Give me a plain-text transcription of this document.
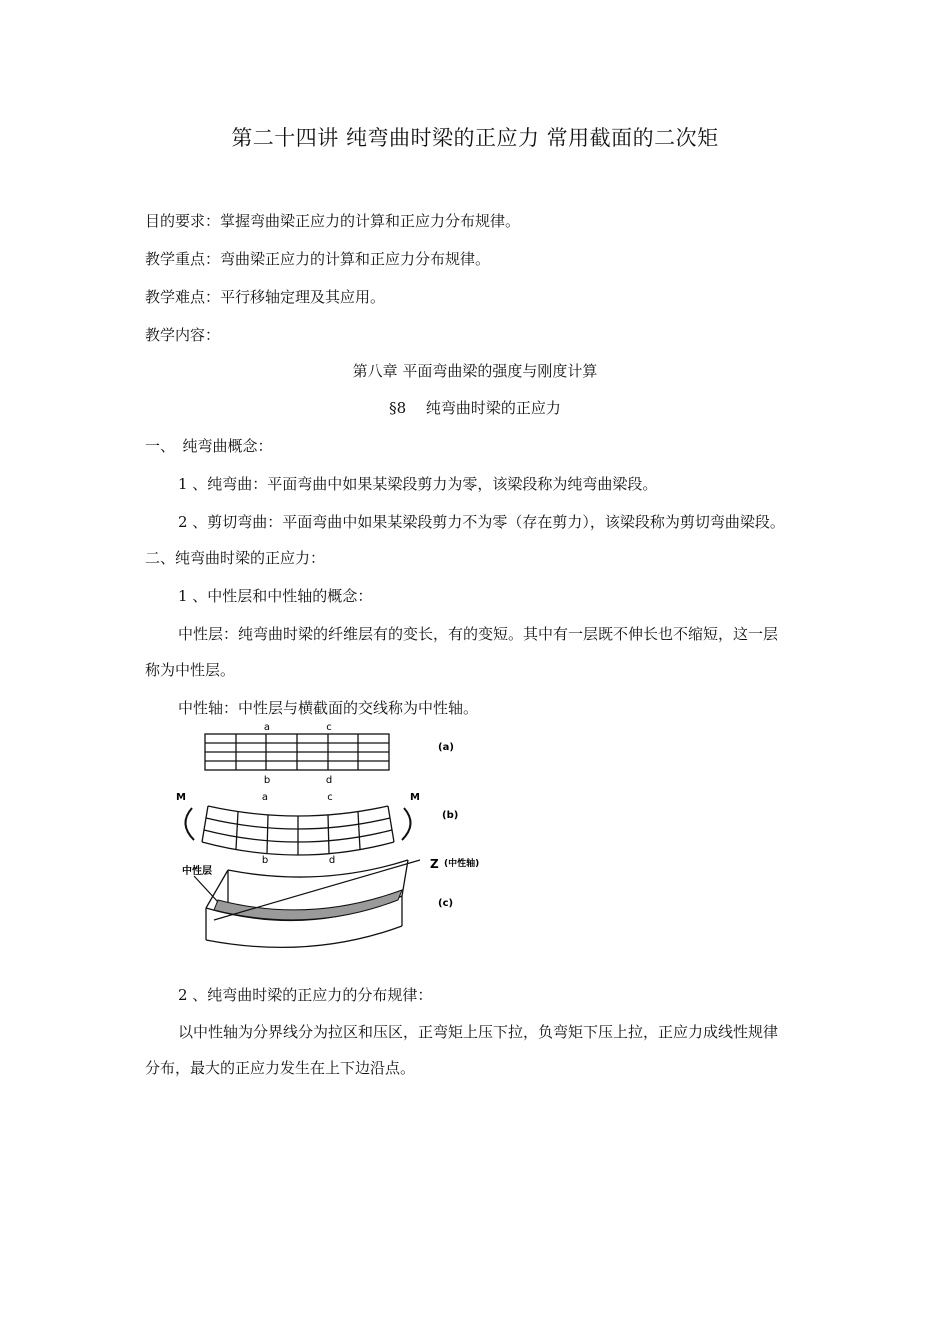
第二十四讲 纯弯曲时梁的正应力 常用截面的二次矩
目的要求：掌握弯曲梁正应力的计算和正应力分布规律。
教学重点：弯曲梁正应力的计算和正应力分布规律。
教学难点：平行移轴定理及其应用。
教学内容：
第八章 平面弯曲梁的强度与刚度计算
§8　 纯弯曲时梁的正应力
一、　纯弯曲概念：
1 、纯弯曲：平面弯曲中如果某梁段剪力为零，该梁段称为纯弯曲梁段。
2 、剪切弯曲：平面弯曲中如果某梁段剪力不为零（存在剪力），该梁段称为剪切弯曲梁段。
二、纯弯曲时梁的正应力：
1 、中性层和中性轴的概念：
中性层：纯弯曲时梁的纤维层有的变长，有的变短。其中有一层既不伸长也不缩短，这一层
称为中性层。
中性轴：中性层与横截面的交线称为中性轴。
a	c
b	d
(a)
M	M
a	c
b	d
(b)
中性层
Z (中性轴)
(c)
2 、纯弯曲时梁的正应力的分布规律：
以中性轴为分界线分为拉区和压区，正弯矩上压下拉，负弯矩下压上拉，正应力成线性规律
分布，最大的正应力发生在上下边沿点。
